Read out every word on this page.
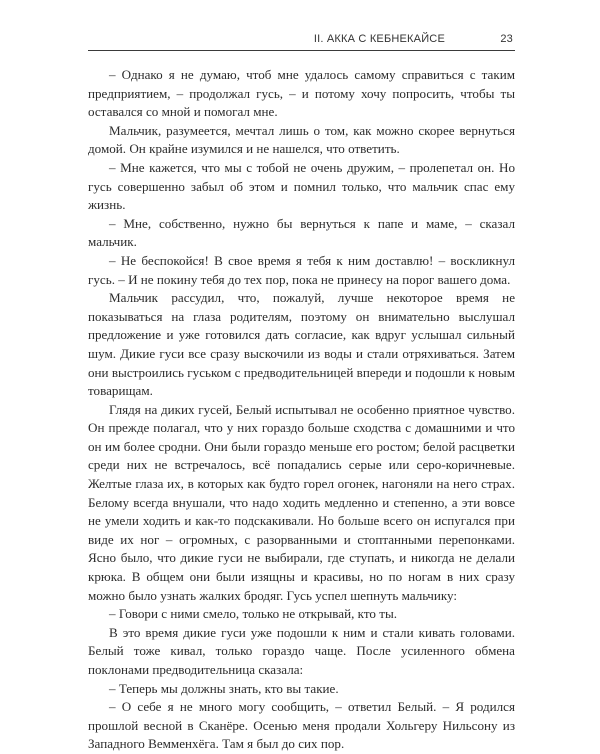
II. АККА С КЕБНЕКАЙСЕ	23

– Однако я не думаю, чтоб мне удалось самому справиться с таким предприятием, – продолжал гусь, – и потому хочу попросить, чтобы ты оставался со мной и помогал мне.

Мальчик, разумеется, мечтал лишь о том, как можно скорее вернуться домой. Он крайне изумился и не нашелся, что ответить.

– Мне кажется, что мы с тобой не очень дружим, – пролепетал он. Но гусь совершенно забыл об этом и помнил только, что мальчик спас ему жизнь.

– Мне, собственно, нужно бы вернуться к папе и маме, – сказал мальчик.

– Не беспокойся! В свое время я тебя к ним доставлю! – воскликнул гусь. – И не покину тебя до тех пор, пока не принесу на порог вашего дома.

Мальчик рассудил, что, пожалуй, лучше некоторое время не показываться на глаза родителям, поэтому он внимательно выслушал предложение и уже готовился дать согласие, как вдруг услышал сильный шум. Дикие гуси все сразу выскочили из воды и стали отряхиваться. Затем они выстроились гуськом с предводительницей впереди и подошли к новым товарищам.

Глядя на диких гусей, Белый испытывал не особенно приятное чувство. Он прежде полагал, что у них гораздо больше сходства с домашними и что он им более сродни. Они были гораздо меньше его ростом; белой расцветки среди них не встречалось, всё попадались серые или серо-коричневые. Желтые глаза их, в которых как будто горел огонек, нагоняли на него страх. Белому всегда внушали, что надо ходить медленно и степенно, а эти вовсе не умели ходить и как-то подскакивали. Но больше всего он испугался при виде их ног – огромных, с разорванными и стоптанными перепонками. Ясно было, что дикие гуси не выбирали, где ступать, и никогда не делали крюка. В общем они были изящны и красивы, но по ногам в них сразу можно было узнать жалких бродяг. Гусь успел шепнуть мальчику:

– Говори с ними смело, только не открывай, кто ты.

В это время дикие гуси уже подошли к ним и стали кивать головами. Белый тоже кивал, только гораздо чаще. После усиленного обмена поклонами предводительница сказала:

– Теперь мы должны знать, кто вы такие.

– О себе я не много могу сообщить, – ответил Белый. – Я родился прошлой весной в Сканёре. Осенью меня продали Хольгеру Нильсону из Западного Вемменхёга. Там я был до сих пор.
